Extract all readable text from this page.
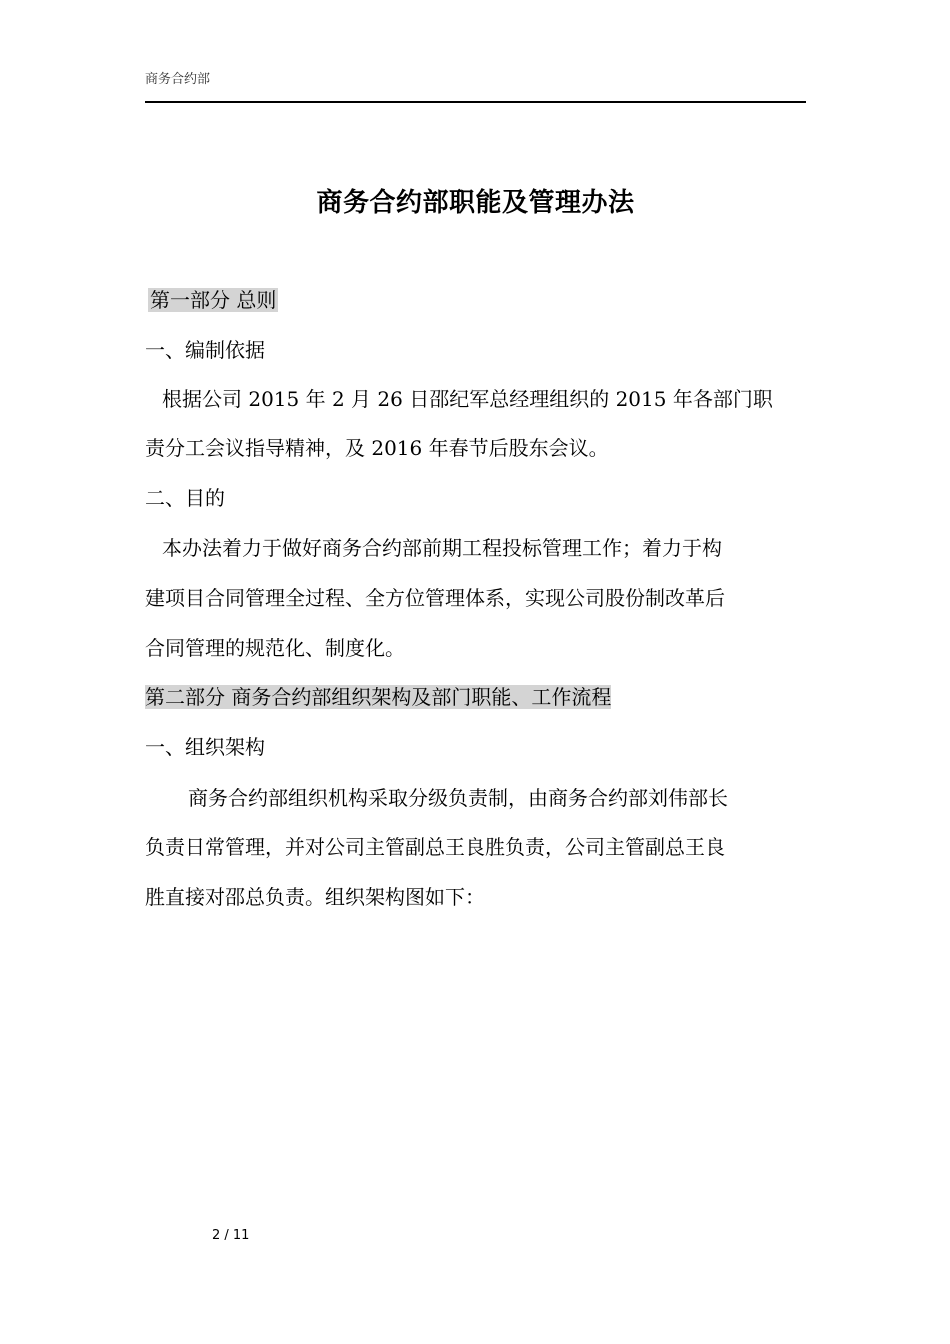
商务合约部
商务合约部职能及管理办法
第一部分 总则
一、编制依据
根据公司 2015 年 2 月 26 日邵纪军总经理组织的 2015 年各部门职
责分工会议指导精神，及 2016 年春节后股东会议。
二、目的
本办法着力于做好商务合约部前期工程投标管理工作；着力于构
建项目合同管理全过程、全方位管理体系，实现公司股份制改革后
合同管理的规范化、制度化。
第二部分 商务合约部组织架构及部门职能、工作流程
一、组织架构
商务合约部组织机构采取分级负责制，由商务合约部刘伟部长
负责日常管理，并对公司主管副总王良胜负责，公司主管副总王良
胜直接对邵总负责。组织架构图如下：
2 / 11
